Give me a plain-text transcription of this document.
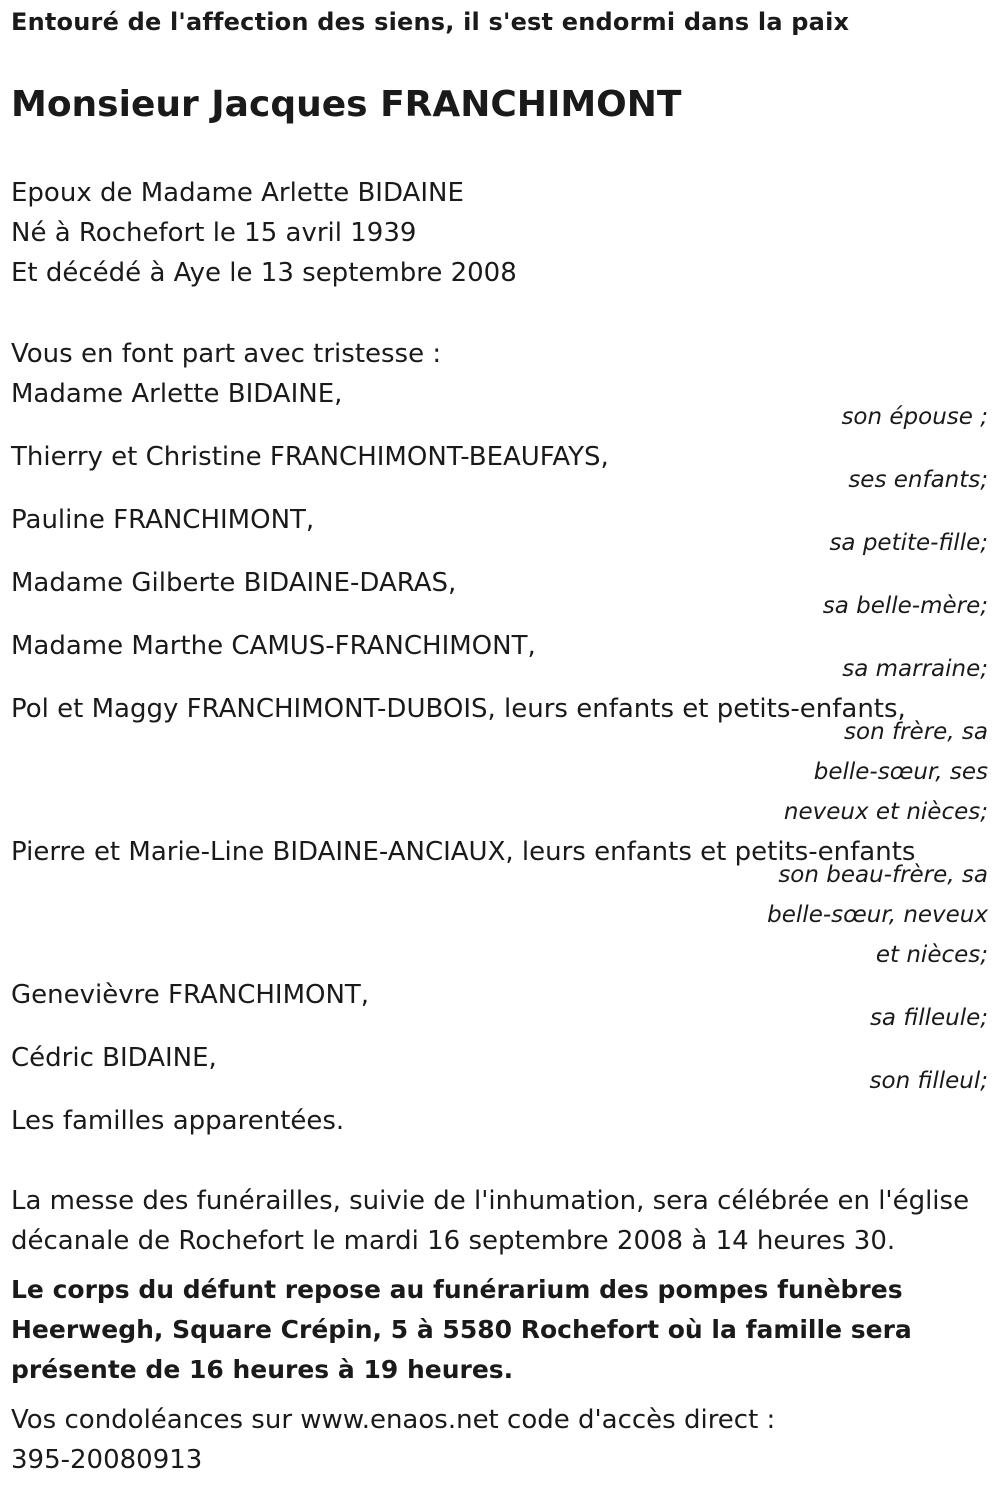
Entouré de l'affection des siens, il s'est endormi dans la paix
Monsieur Jacques FRANCHIMONT
Epoux de Madame Arlette BIDAINE
Né à Rochefort le 15 avril 1939
Et décédé à Aye le 13 septembre 2008
Vous en font part avec tristesse :
Madame Arlette BIDAINE,
son épouse ;
Thierry et Christine FRANCHIMONT-BEAUFAYS,
ses enfants;
Pauline FRANCHIMONT,
sa petite-fille;
Madame Gilberte BIDAINE-DARAS,
sa belle-mère;
Madame Marthe CAMUS-FRANCHIMONT,
sa marraine;
Pol et Maggy FRANCHIMONT-DUBOIS, leurs enfants et petits-enfants,
son frère, sa
belle-sœur, ses
neveux et nièces;
Pierre et Marie-Line BIDAINE-ANCIAUX, leurs enfants et petits-enfants
son beau-frère, sa
belle-sœur, neveux
et nièces;
Genevièvre FRANCHIMONT,
sa filleule;
Cédric BIDAINE,
son filleul;
Les familles apparentées.
La messe des funérailles, suivie de l'inhumation, sera célébrée en l'église décanale de Rochefort le mardi 16 septembre 2008 à 14 heures 30.
Le corps du défunt repose au funérarium des pompes funèbres Heerwegh, Square Crépin, 5 à 5580 Rochefort où la famille sera présente de 16 heures à 19 heures.
Vos condoléances sur www.enaos.net code d'accès direct :
395-20080913
